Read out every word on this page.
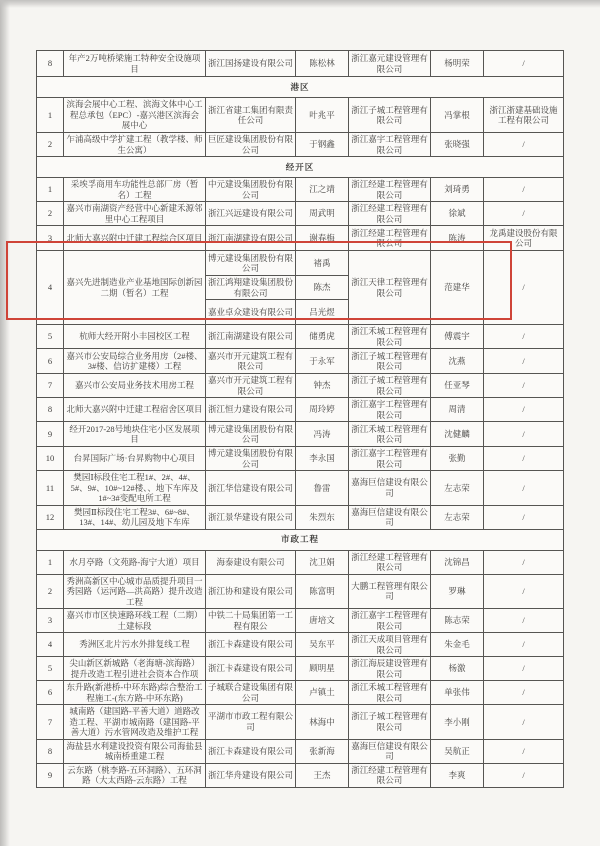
8	年产2万吨桥梁施工特种安全设施项目	浙江国扬建设有限公司	陈松林	浙江嘉元建设管理有限公司	杨明荣	/
港区						
1	滨海会展中心工程、滨海文体中心工程总承包（EPC）-嘉兴港区滨海会展中心	浙江省建工集团有限责任公司	叶兆平	浙江子城工程管理有限公司	冯掌根	浙江浙建基础设施工程有限公司
2	乍浦高级中学扩建工程（教学楼、师生公寓）	巨匠建设集团股份有限公司	于钢鑫	浙江嘉宇工程管理有限公司	张晓强	/
经开区						
1	采埃孚商用车功能性总部厂房（暂名）工程	中元建设集团股份有限公司	江之靖	浙江经建工程管理有限公司	刘琦勇	/
2	嘉兴市南湖资产经营中心新建禾源邻里中心工程项目	浙江兴远建设有限公司	周武明	浙江经建工程管理有限公司	徐斌	/
3	北师大嘉兴附中迁建工程综合区项目	浙江南湖建设有限公司	谢春梅	浙江经建工程管理有限公司	陈涛	龙禹建设股份有限公司
4	嘉兴先进制造业产业基地国际创新园二期（暂名）工程	博元建设集团股份有限公司	褚禹	浙江天律工程管理有限公司	范建华	/
		浙江鸿翔建设集团股份有限公司	陈杰			
		嘉业卓众建设有限公司	吕光煜			
5	杭师大经开附小丰园校区工程	浙江南湖建设有限公司	储勇虎	浙江禾城工程管理有限公司	傅震宇	/
6	嘉兴市公安局综合业务用房（2#楼、3#楼、信访扩建楼）工程	嘉兴市开元建筑工程有限公司	于永军	浙江子城工程管理有限公司	沈燕	/
7	嘉兴市公安局业务技术用房工程	嘉兴市开元建筑工程有限公司	钟杰	浙江子城工程管理有限公司	任亚琴	/
8	北师大嘉兴附中迁建工程宿舍区项目	浙江恒力建设有限公司	周玲婷	浙江嘉宇工程管理有限公司	周清	/
9	经开2017-28号地块住宅小区发展项目	博元建设集团股份有限公司	冯涛	浙江禾城工程管理有限公司	沈健麟	/
10	台昇国际广场·台昇购物中心项目	博元建设集团股份有限公司	李永国	浙江嘉宇工程管理有限公司	张勤	/
11	樊园Ⅰ标段住宅工程1#、2#、4#、5#、9#、10#~12#楼、、地下车库及1#~3#变配电所工程	浙江华信建设有限公司	鲁雷	嘉海巨信建设有限公司	左志荣	/
12	樊园Ⅱ标段住宅工程3#、6#~8#、13#、14#、幼儿园及地下车库	浙江景华建设有限公司	朱烈东	嘉海巨信建设有限公司	左志荣	/
市政工程						
1	水月亭路（文苑路-海宁大道）项目	海泰建设有限公司	沈卫娟	浙江经建工程管理有限公司	沈锦昌	/
2	秀洲高新区中心城市品质提升项目一秀园路（运河路—洪高路）提升改造工程	浙江协和建设有限公司	陈富明	大鹏工程管理有限公司	罗琳	/
3	嘉兴市市区快速路环线工程（二期）土建标段	中铁二十局集团第一工程有限公	唐培文	浙江嘉宇工程管理有限公司	陈志荣	/
4	秀洲区北片污水外排复线工程	浙江卡森建设有限公司	吴东平	浙江天成项目管理有限公司	朱金毛	/
5	尖山新区新城路（老海塘-滨海路）提升改造工程引进社会资本合作项	浙江卡森建设有限公司	顾明星	浙江海辰建设管理有限公司	杨激	/
6	东升路(新港桥-中环东路)综合整治工程施工-(东方路-中环东路)	子城联合建设集团有限公司	卢镇土	浙江禾城工程管理有限公司	单张伟	/
7	城南路（建国路-平善大道）道路改造工程、平湖市城南路（建国路-平善大道）污水管网改造及维护工程	平湖市市政工程有限公司	林海中	浙江子城工程管理有限公司	李小刚	/
8	海盐县水利建设投资有限公司海盐县城南桥重建工程	浙江卡森建设有限公司	张新海	嘉海巨信建设有限公司	吴航正	/
9	云东路（桃李路-五环洞路）、五环洞路（大太西路-云东路）工程	浙江华舟建设有限公司	王杰	浙江经建工程管理有限公司	李爽	/
